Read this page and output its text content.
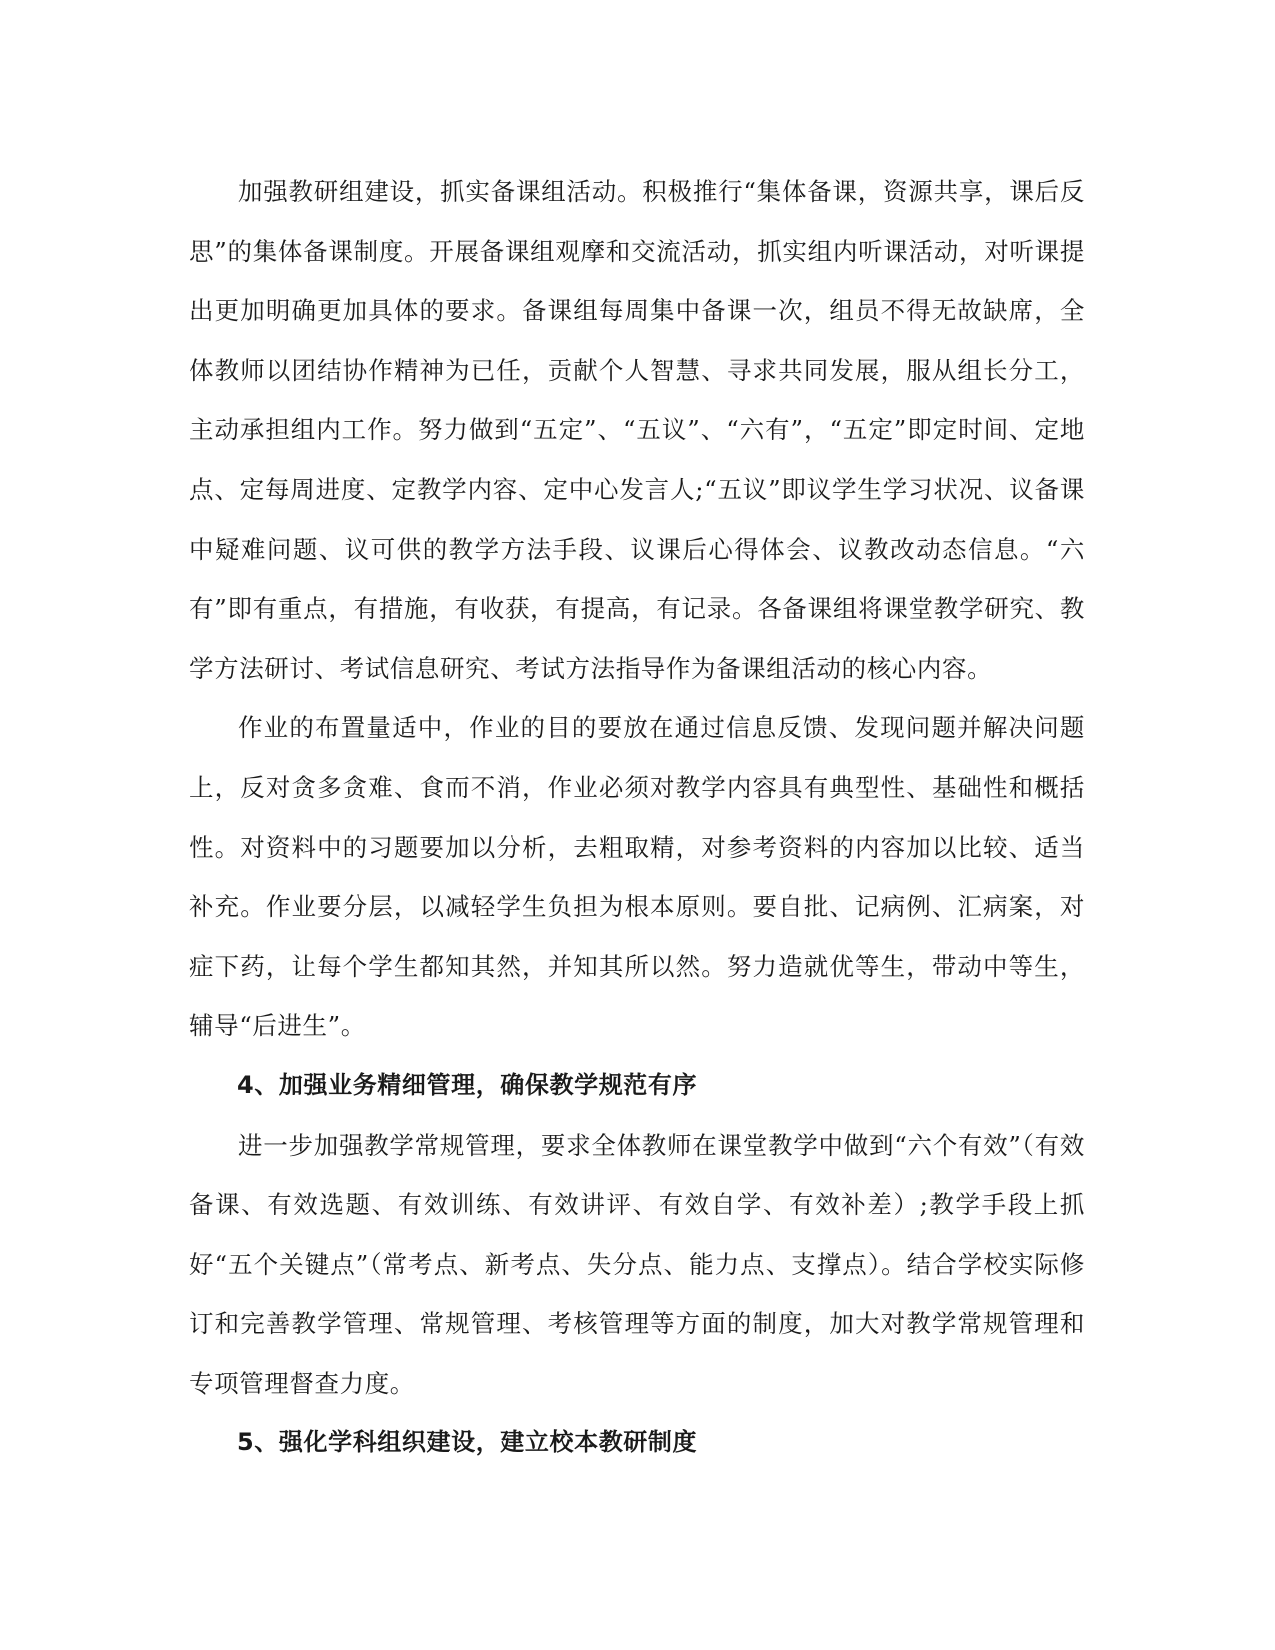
加强教研组建设，抓实备课组活动。积极推行“集体备课，资源共享，课后反思”的集体备课制度。开展备课组观摩和交流活动，抓实组内听课活动，对听课提出更加明确更加具体的要求。备课组每周集中备课一次，组员不得无故缺席，全体教师以团结协作精神为已任，贡献个人智慧、寻求共同发展，服从组长分工，主动承担组内工作。努力做到“五定”、“五议”、“六有”，“五定”即定时间、定地点、定每周进度、定教学内容、定中心发言人;“五议”即议学生学习状况、议备课中疑难问题、议可供的教学方法手段、议课后心得体会、议教改动态信息。“六有”即有重点，有措施，有收获，有提高，有记录。各备课组将课堂教学研究、教学方法研讨、考试信息研究、考试方法指导作为备课组活动的核心内容。

作业的布置量适中，作业的目的要放在通过信息反馈、发现问题并解决问题上，反对贪多贪难、食而不消，作业必须对教学内容具有典型性、基础性和概括性。对资料中的习题要加以分析，去粗取精，对参考资料的内容加以比较、适当补充。作业要分层，以减轻学生负担为根本原则。要自批、记病例、汇病案，对症下药，让每个学生都知其然，并知其所以然。努力造就优等生，带动中等生，辅导“后进生”。

4、加强业务精细管理，确保教学规范有序

进一步加强教学常规管理，要求全体教师在课堂教学中做到“六个有效”（有效备课、有效选题、有效训练、有效讲评、有效自学、有效补差）;教学手段上抓好“五个关键点”（常考点、新考点、失分点、能力点、支撑点）。结合学校实际修订和完善教学管理、常规管理、考核管理等方面的制度，加大对教学常规管理和专项管理督查力度。

5、强化学科组织建设，建立校本教研制度
